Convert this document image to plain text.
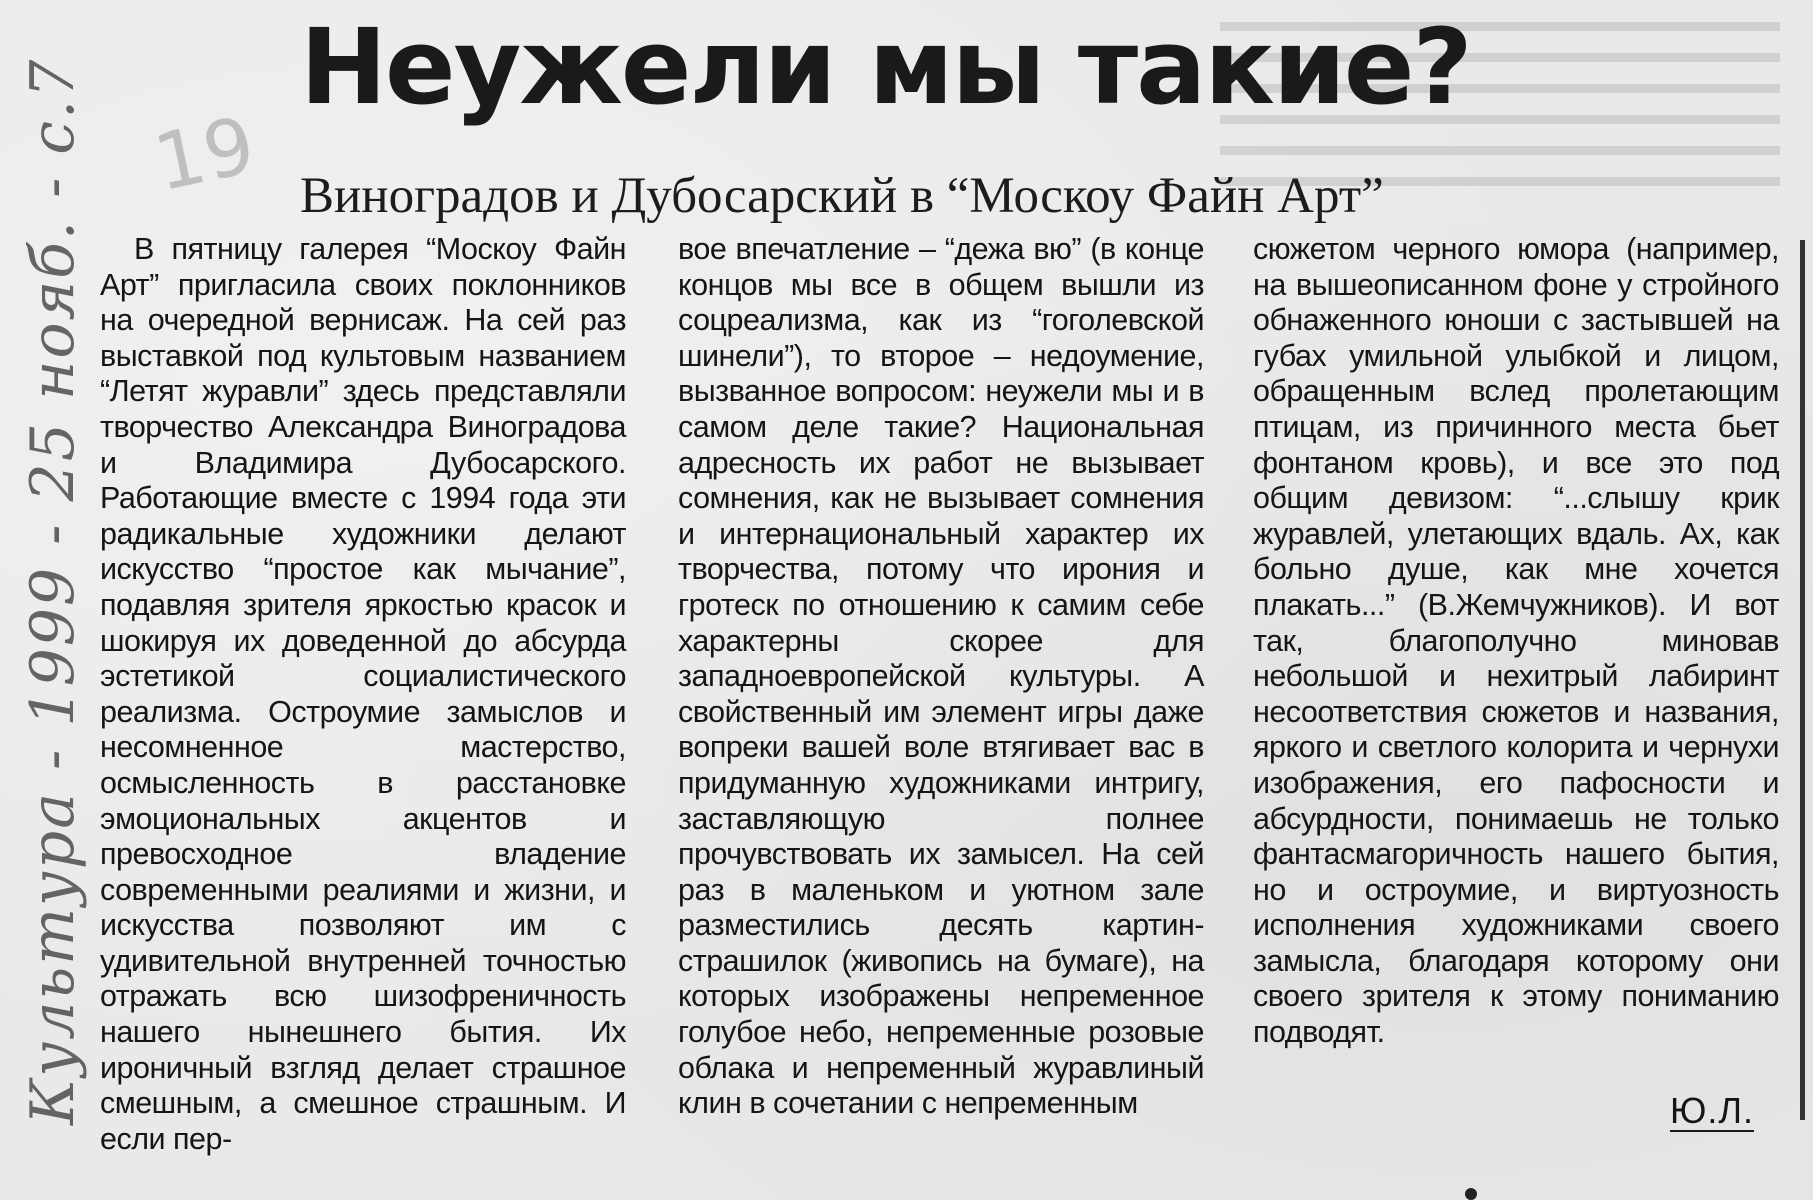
19
Культура - 1999 - 25 нояб. - с.7 Неужели мы такие?
Виноградов и Дубосарский в “Москоу Файн Арт”
В пятницу галерея “Москоу Файн Арт” пригласила своих поклонников на очередной вернисаж. На сей раз выставкой под культовым названием “Летят журавли” здесь представляли творчество Александра Виноградова и Владимира Дубосарского. Работающие вместе с 1994 года эти радикальные художники делают искусство “простое как мычание”, подавляя зрителя яркостью красок и шокируя их доведенной до абсурда эстетикой социалистического реализма. Остроумие замыслов и несомненное мастерство, осмысленность в расстановке эмоциональных акцентов и превосходное владение современными реалиями и жизни, и искусства позволяют им с удивительной внутренней точностью отражать всю шизофреничность нашего нынешнего бытия. Их ироничный взгляд делает страшное смешным, а смешное страшным. И если пер-
вое впечатление – “дежа вю” (в конце концов мы все в общем вышли из соцреализма, как из “гоголевской шинели”), то второе – недоумение, вызванное вопросом: неужели мы и в самом деле такие? Национальная адресность их работ не вызывает сомнения, как не вызывает сомнения и интернациональный характер их творчества, потому что ирония и гротеск по отношению к самим себе характерны скорее для западноевропейской культуры. А свойственный им элемент игры даже вопреки вашей воле втягивает вас в придуманную художниками интригу, заставляющую полнее прочувствовать их замысел. На сей раз в маленьком и уютном зале разместились десять картин-страшилок (живопись на бумаге), на которых изображены непременное голубое небо, непременные розовые облака и непременный журавлиный клин в сочетании с непременным
сюжетом черного юмора (например, на вышеописанном фоне у стройного обнаженного юноши с застывшей на губах умильной улыбкой и лицом, обращенным вслед пролетающим птицам, из причинного места бьет фонтаном кровь), и все это под общим девизом: “...слышу крик журавлей, улетающих вдаль. Ах, как больно душе, как мне хочется плакать...” (В.Жемчужников). И вот так, благополучно миновав небольшой и нехитрый лабиринт несоответствия сюжетов и названия, яркого и светлого колорита и чернухи изображения, его пафосности и абсурдности, понимаешь не только фантасмагоричность нашего бытия, но и остроумие, и виртуозность исполнения художниками своего замысла, благодаря которому они своего зрителя к этому пониманию подводят.
Ю.Л.
